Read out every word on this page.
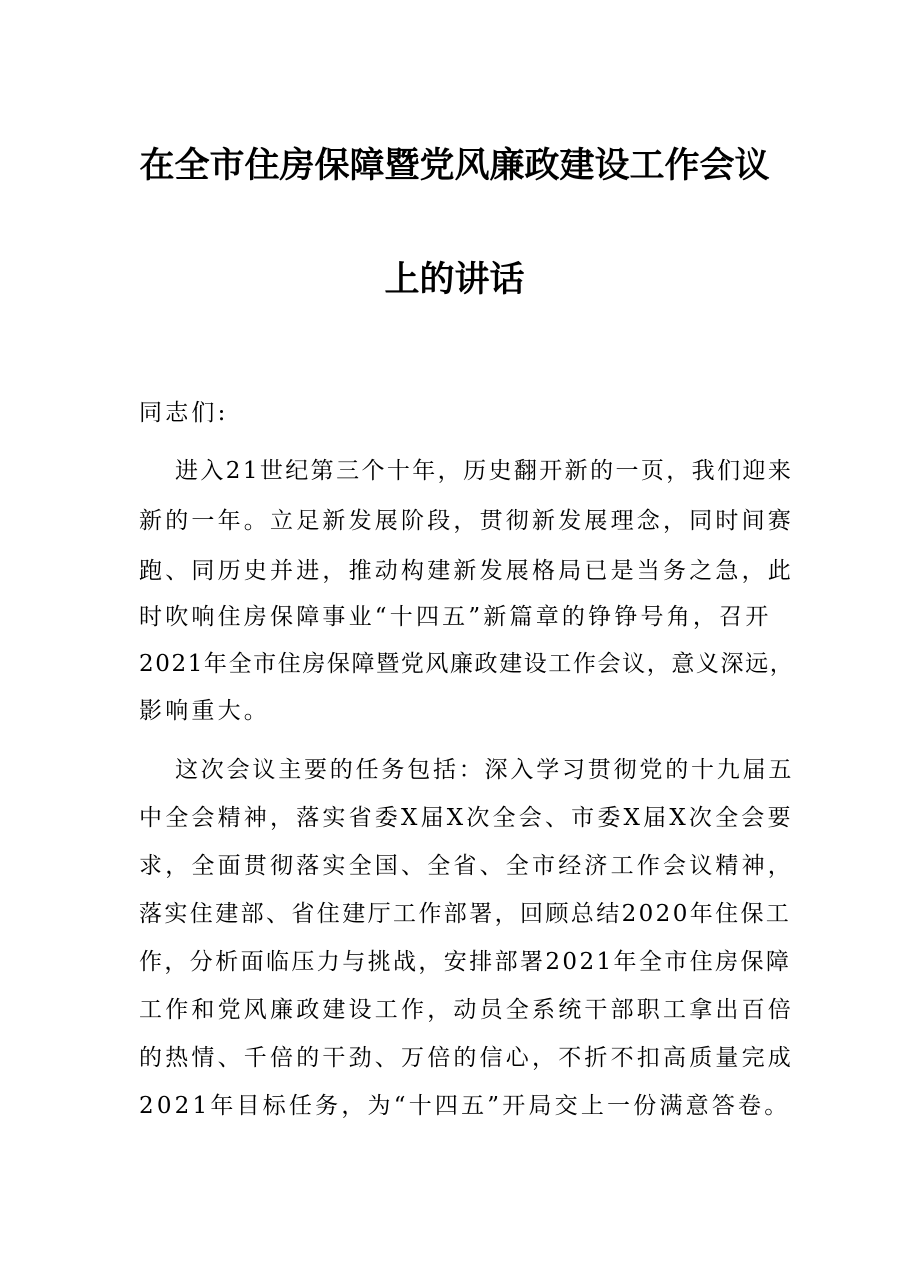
在全市住房保障暨党风廉政建设工作会议
上的讲话
同志们:
进入21世纪第三个十年，历史翻开新的一页，我们迎来
新的一年。立足新发展阶段，贯彻新发展理念，同时间赛
跑、同历史并进，推动构建新发展格局已是当务之急，此
时吹响住房保障事业“十四五”新篇章的铮铮号角，召开
2021年全市住房保障暨党风廉政建设工作会议，意义深远，
影响重大。
这次会议主要的任务包括：深入学习贯彻党的十九届五
中全会精神，落实省委X届X次全会、市委X届X次全会要
求，全面贯彻落实全国、全省、全市经济工作会议精神，
落实住建部、省住建厅工作部署，回顾总结2020年住保工
作，分析面临压力与挑战，安排部署2021年全市住房保障
工作和党风廉政建设工作，动员全系统干部职工拿出百倍
的热情、千倍的干劲、万倍的信心，不折不扣高质量完成
2021年目标任务，为“十四五”开局交上一份满意答卷。
